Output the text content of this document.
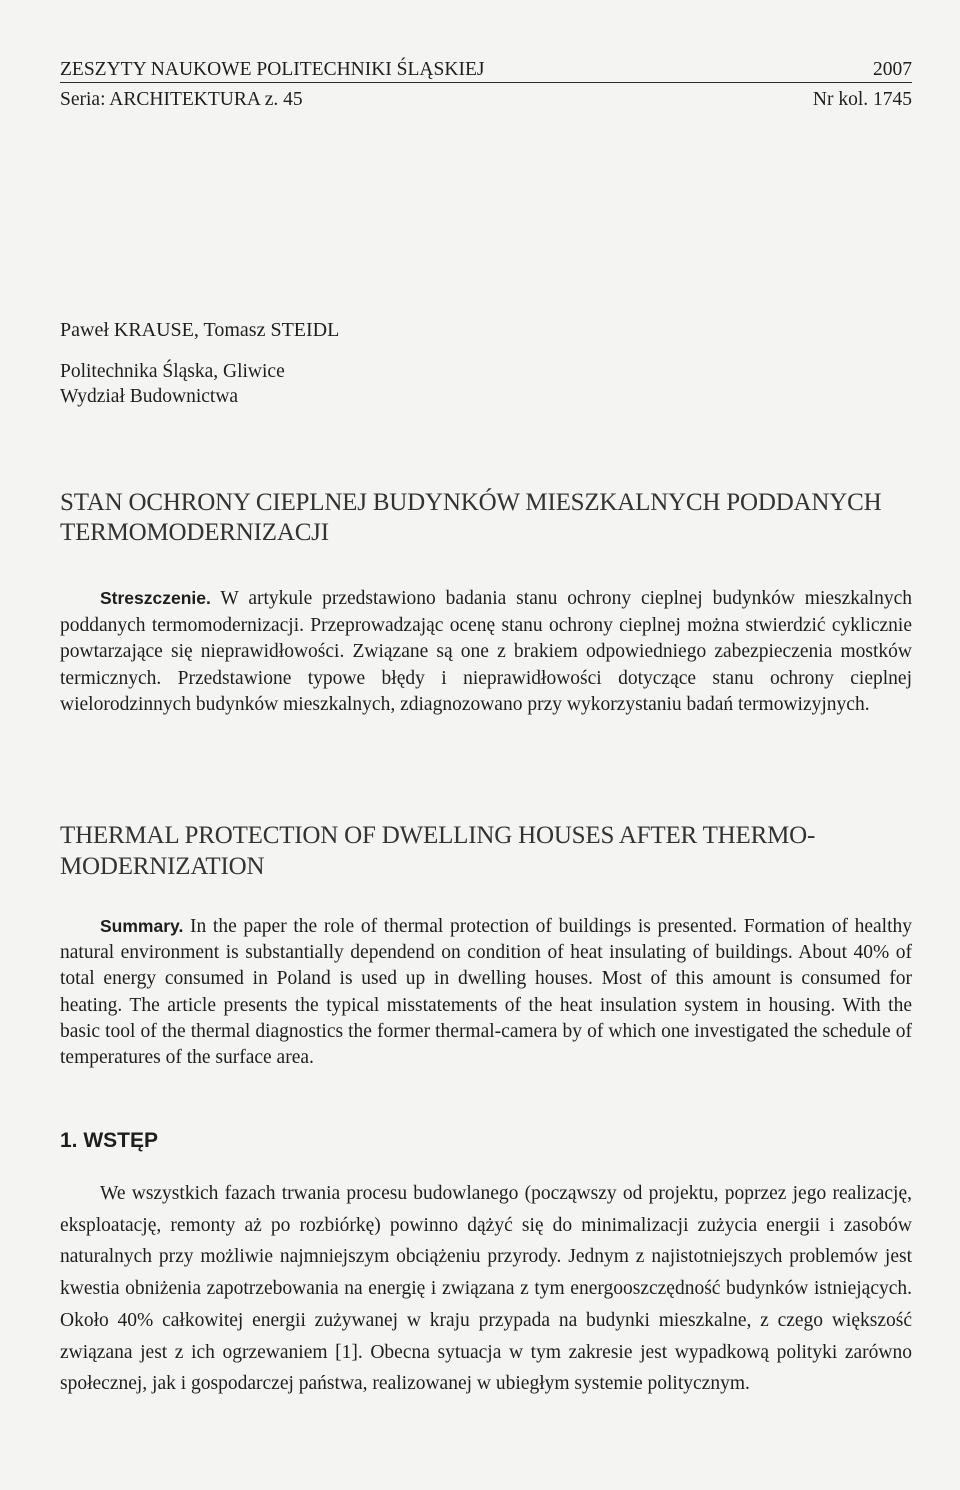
ZESZYTY NAUKOWE POLITECHNIKI ŚLĄSKIEJ	2007
Seria: ARCHITEKTURA z. 45	Nr kol. 1745
Paweł KRAUSE, Tomasz STEIDL
Politechnika Śląska, Gliwice
Wydział Budownictwa
STAN OCHRONY CIEPLNEJ BUDYNKÓW MIESZKALNYCH PODDANYCH TERMOMODERNIZACJI
Streszczenie. W artykule przedstawiono badania stanu ochrony cieplnej budynków mieszkalnych poddanych termomodernizacji. Przeprowadzając ocenę stanu ochrony cieplnej można stwierdzić cyklicznie powtarzające się nieprawidłowości. Związane są one z brakiem odpowiedniego zabezpieczenia mostków termicznych. Przedstawione typowe błędy i nieprawidłowości dotyczące stanu ochrony cieplnej wielorodzinnych budynków mieszkalnych, zdiagnozowano przy wykorzystaniu badań termowizyjnych.
THERMAL PROTECTION OF DWELLING HOUSES AFTER THERMO-MODERNIZATION
Summary. In the paper the role of thermal protection of buildings is presented. Formation of healthy natural environment is substantially dependend on condition of heat insulating of buildings. About 40% of total energy consumed in Poland is used up in dwelling houses. Most of this amount is consumed for heating. The article presents the typical misstatements of the heat insulation system in housing. With the basic tool of the thermal diagnostics the former thermal-camera by of which one investigated the schedule of temperatures of the surface area.
1. WSTĘP
We wszystkich fazach trwania procesu budowlanego (począwszy od projektu, poprzez jego realizację, eksploatację, remonty aż po rozbiórkę) powinno dążyć się do minimalizacji zużycia energii i zasobów naturalnych przy możliwie najmniejszym obciążeniu przyrody. Jednym z najistotniejszych problemów jest kwestia obniżenia zapotrzebowania na energię i związana z tym energooszczędność budynków istniejących. Około 40% całkowitej energii zużywanej w kraju przypada na budynki mieszkalne, z czego większość związana jest z ich ogrzewaniem [1]. Obecna sytuacja w tym zakresie jest wypadkową polityki zarówno społecznej, jak i gospodarczej państwa, realizowanej w ubiegłym systemie politycznym.
